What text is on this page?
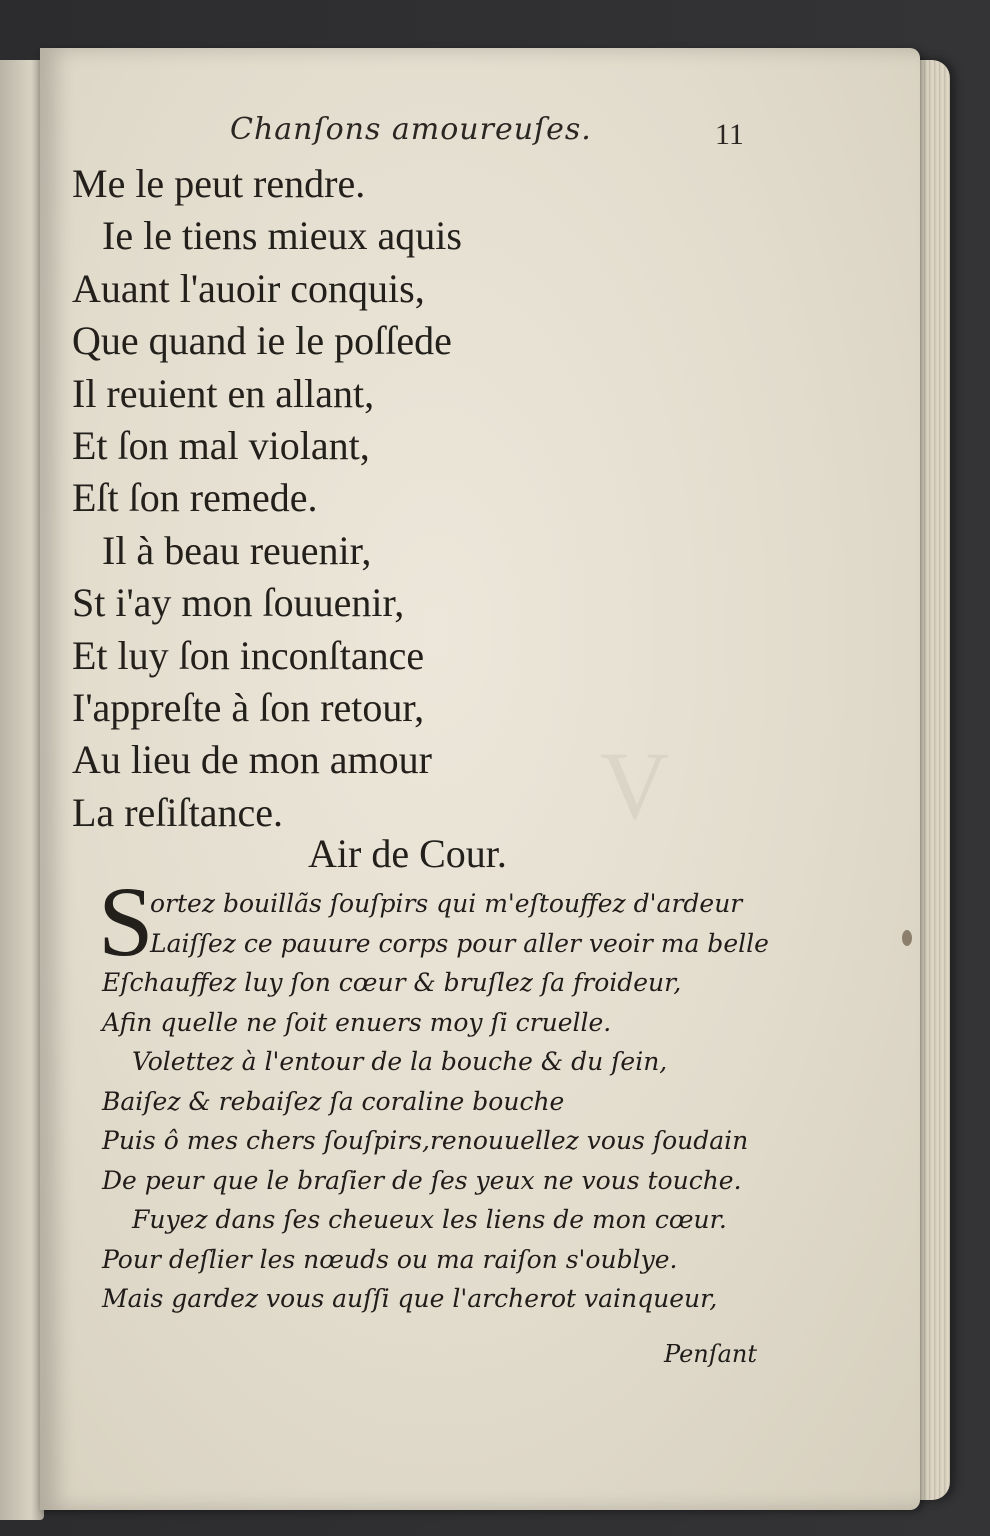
V
Chanſons amoureuſes.	11
Me le peut rendre.
Ie le tiens mieux aquis
Auant l'auoir conquis,
Que quand ie le poſſede
Il reuient en allant,
Et ſon mal violant,
Eſt ſon remede.
Il à beau reuenir,
St i'ay mon ſouuenir,
Et luy ſon inconſtance
I'appreſte à ſon retour,
Au lieu de mon amour
La reſiſtance.
Air de Cour.
S
ortez bouillãs ſouſpirs qui m'eſtouffez d'ardeur
Laiſſez ce pauure corps pour aller veoir ma belle
Eſchauffez luy ſon cœur & bruſlez ſa froideur,
Afin quelle ne ſoit enuers moy ſi cruelle.
Volettez à l'entour de la bouche & du ſein,
Baiſez & rebaiſez ſa coraline bouche
Puis ô mes chers ſouſpirs,renouuellez vous ſoudain
De peur que le braſier de ſes yeux ne vous touche.
Fuyez dans ſes cheueux les liens de mon cœur.
Pour deſlier les nœuds ou ma raiſon s'oublye.
Mais gardez vous auſſi que l'archerot vainqueur,
Penſant
